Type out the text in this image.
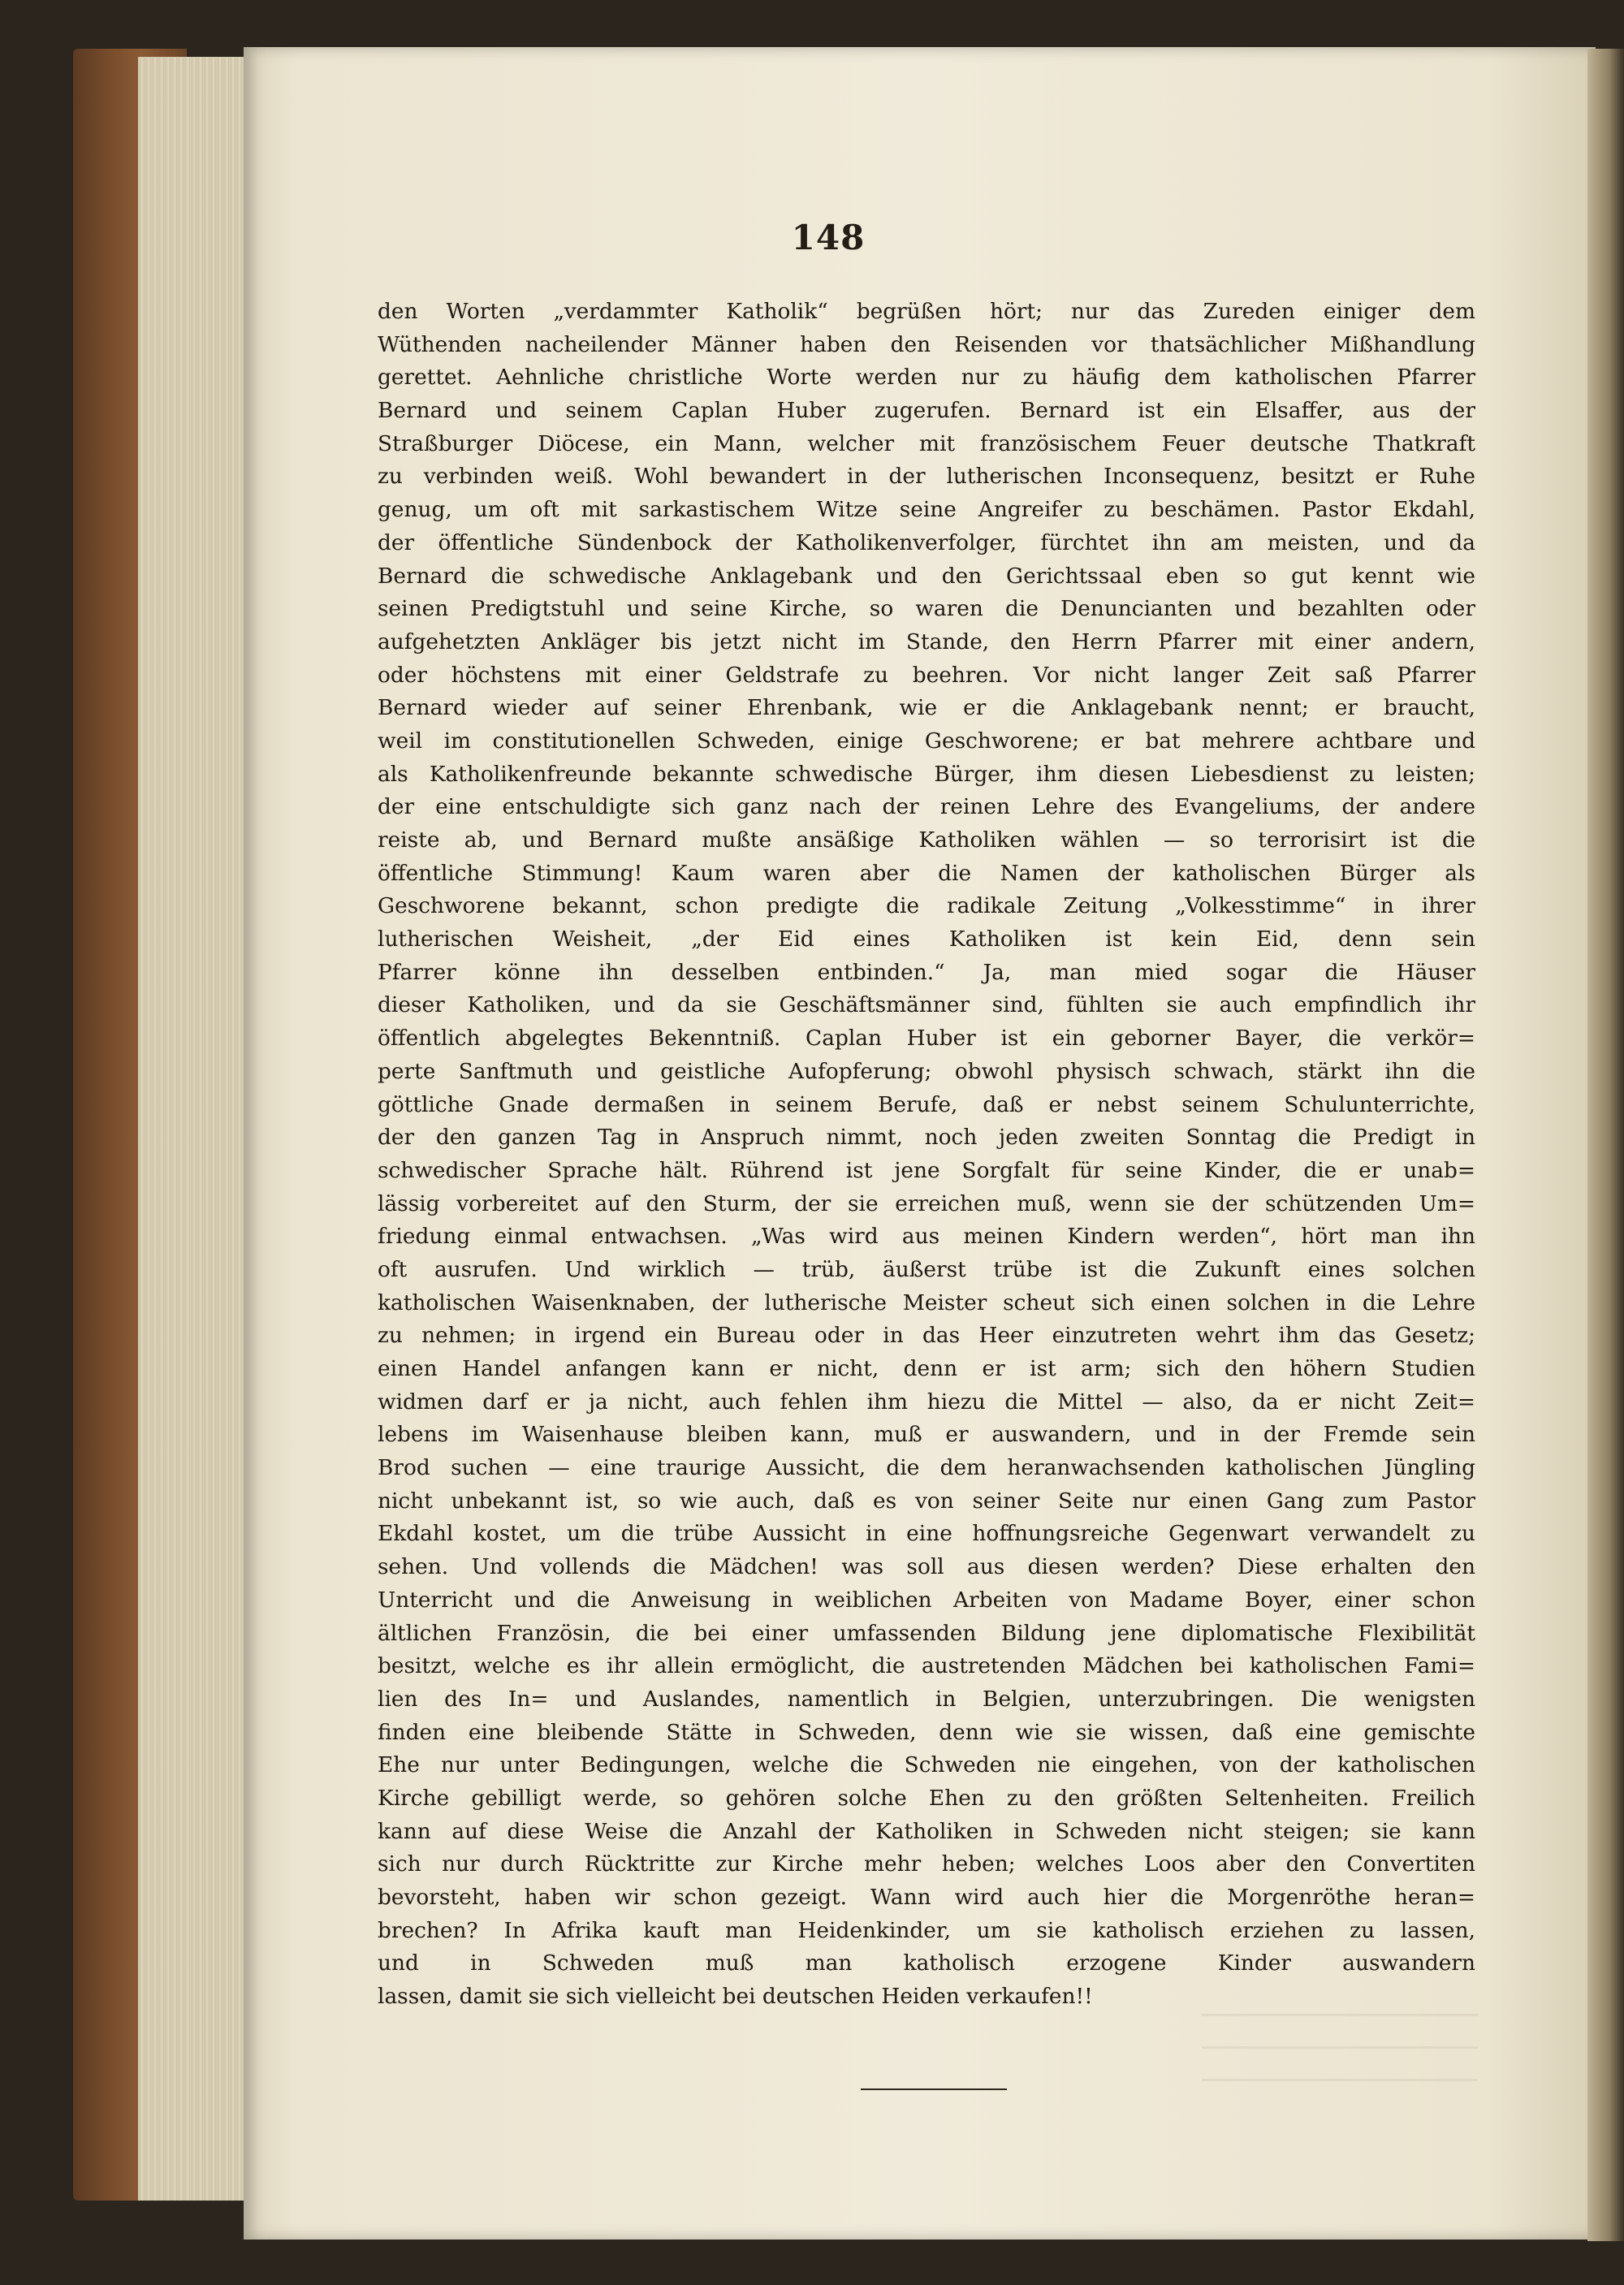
148
den Worten „verdammter Katholik“ begrüßen hört; nur das Zureden einiger dem
Wüthenden nacheilender Männer haben den Reisenden vor thatsächlicher Mißhandlung
gerettet. Aehnliche christliche Worte werden nur zu häufig dem katholischen Pfarrer
Bernard und seinem Caplan Huber zugerufen. Bernard ist ein Elsaffer, aus der
Straßburger Diöcese, ein Mann, welcher mit französischem Feuer deutsche Thatkraft
zu verbinden weiß. Wohl bewandert in der lutherischen Inconsequenz, besitzt er Ruhe
genug, um oft mit sarkastischem Witze seine Angreifer zu beschämen. Pastor Ekdahl,
der öffentliche Sündenbock der Katholikenverfolger, fürchtet ihn am meisten, und da
Bernard die schwedische Anklagebank und den Gerichtssaal eben so gut kennt wie
seinen Predigtstuhl und seine Kirche, so waren die Denuncianten und bezahlten oder
aufgehetzten Ankläger bis jetzt nicht im Stande, den Herrn Pfarrer mit einer andern,
oder höchstens mit einer Geldstrafe zu beehren. Vor nicht langer Zeit saß Pfarrer
Bernard wieder auf seiner Ehrenbank, wie er die Anklagebank nennt; er braucht,
weil im constitutionellen Schweden, einige Geschworene; er bat mehrere achtbare und
als Katholikenfreunde bekannte schwedische Bürger, ihm diesen Liebesdienst zu leisten;
der eine entschuldigte sich ganz nach der reinen Lehre des Evangeliums, der andere
reiste ab, und Bernard mußte ansäßige Katholiken wählen — so terrorisirt ist die
öffentliche Stimmung! Kaum waren aber die Namen der katholischen Bürger als
Geschworene bekannt, schon predigte die radikale Zeitung „Volkesstimme“ in ihrer
lutherischen Weisheit, „der Eid eines Katholiken ist kein Eid, denn sein
Pfarrer könne ihn desselben entbinden.“ Ja, man mied sogar die Häuser
dieser Katholiken, und da sie Geschäftsmänner sind, fühlten sie auch empfindlich ihr
öffentlich abgelegtes Bekenntniß. Caplan Huber ist ein geborner Bayer, die verkör=
perte Sanftmuth und geistliche Aufopferung; obwohl physisch schwach, stärkt ihn die
göttliche Gnade dermaßen in seinem Berufe, daß er nebst seinem Schulunterrichte,
der den ganzen Tag in Anspruch nimmt, noch jeden zweiten Sonntag die Predigt in
schwedischer Sprache hält. Rührend ist jene Sorgfalt für seine Kinder, die er unab=
lässig vorbereitet auf den Sturm, der sie erreichen muß, wenn sie der schützenden Um=
friedung einmal entwachsen. „Was wird aus meinen Kindern werden“, hört man ihn
oft ausrufen. Und wirklich — trüb, äußerst trübe ist die Zukunft eines solchen
katholischen Waisenknaben, der lutherische Meister scheut sich einen solchen in die Lehre
zu nehmen; in irgend ein Bureau oder in das Heer einzutreten wehrt ihm das Gesetz;
einen Handel anfangen kann er nicht, denn er ist arm; sich den höhern Studien
widmen darf er ja nicht, auch fehlen ihm hiezu die Mittel — also, da er nicht Zeit=
lebens im Waisenhause bleiben kann, muß er auswandern, und in der Fremde sein
Brod suchen — eine traurige Aussicht, die dem heranwachsenden katholischen Jüngling
nicht unbekannt ist, so wie auch, daß es von seiner Seite nur einen Gang zum Pastor
Ekdahl kostet, um die trübe Aussicht in eine hoffnungsreiche Gegenwart verwandelt zu
sehen. Und vollends die Mädchen! was soll aus diesen werden? Diese erhalten den
Unterricht und die Anweisung in weiblichen Arbeiten von Madame Boyer, einer schon
ältlichen Französin, die bei einer umfassenden Bildung jene diplomatische Flexibilität
besitzt, welche es ihr allein ermöglicht, die austretenden Mädchen bei katholischen Fami=
lien des In= und Auslandes, namentlich in Belgien, unterzubringen. Die wenigsten
finden eine bleibende Stätte in Schweden, denn wie sie wissen, daß eine gemischte
Ehe nur unter Bedingungen, welche die Schweden nie eingehen, von der katholischen
Kirche gebilligt werde, so gehören solche Ehen zu den größten Seltenheiten. Freilich
kann auf diese Weise die Anzahl der Katholiken in Schweden nicht steigen; sie kann
sich nur durch Rücktritte zur Kirche mehr heben; welches Loos aber den Convertiten
bevorsteht, haben wir schon gezeigt. Wann wird auch hier die Morgenröthe heran=
brechen? In Afrika kauft man Heidenkinder, um sie katholisch erziehen zu lassen,
und in Schweden muß man katholisch erzogene Kinder auswandern
lassen, damit sie sich vielleicht bei deutschen Heiden verkaufen!!
